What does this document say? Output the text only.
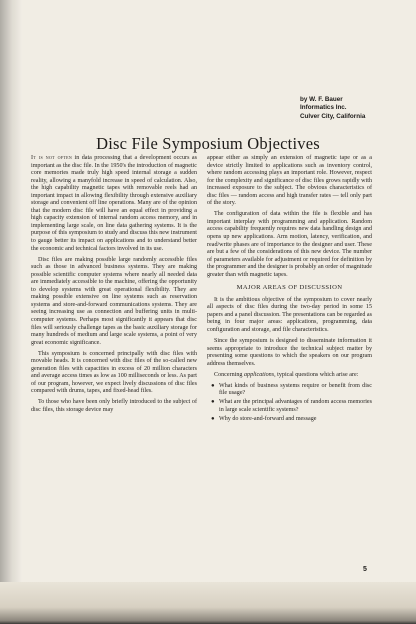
by W. F. Bauer
Informatics Inc.
Culver City, California
Disc File Symposium Objectives

It is not often in data processing that a development occurs as important as the disc file. In the 1950's the introduction of magnetic core memories made truly high speed internal storage a sudden reality, allowing a manyfold increase in speed of calculation. Also, the high capability magnetic tapes with removable reels had an important impact in allowing flexibility through extensive auxiliary storage and convenient off line operations. Many are of the opinion that the modern disc file will have an equal effect in providing a high capacity extension of internal random access memory, and in implementing large scale, on line data gathering systems. It is the purpose of this symposium to study and discuss this new instrument to gauge better its impact on applications and to understand better the economic and technical factors involved in its use.

Disc files are making possible large randomly accessible files such as those in advanced business systems. They are making possible scientific computer systems where nearly all needed data are immediately accessible to the machine, offering the opportunity to develop systems with great operational flexibility. They are making possible extensive on line systems such as reservation systems and store-and-forward communications systems. They are seeing increasing use as connection and buffering units in multi-computer systems. Perhaps most significantly it appears that disc files will seriously challenge tapes as the basic auxiliary storage for many hundreds of medium and large scale systems, a point of very great economic significance.

This symposium is concerned principally with disc files with movable heads. It is concerned with disc files of the so-called new generation files with capacities in excess of 20 million characters and average access times as low as 100 milliseconds or less. As part of our program, however, we expect lively discussions of disc files compared with drums, tapes, and fixed-head files.

To those who have been only briefly introduced to the subject of disc files, this storage device may

appear either as simply an extension of magnetic tape or as a device strictly limited to applications such as inventory control, where random accessing plays an important role. However, respect for the complexity and significance of disc files grows rapidly with increased exposure to the subject. The obvious characteristics of disc files — random access and high transfer rates — tell only part of the story.

The configuration of data within the file is flexible and has important interplay with programming and application. Random access capability frequently requires new data handling design and opens up new applications. Arm motion, latency, verification, and read/write phases are of importance to the designer and user. These are but a few of the considerations of this new device. The number of parameters available for adjustment or required for definition by the programmer and the designer is probably an order of magnitude greater than with magnetic tapes.

MAJOR AREAS OF DISCUSSION

It is the ambitious objective of the symposium to cover nearly all aspects of disc files during the two-day period in some 15 papers and a panel discussion. The presentations can be regarded as being in four major areas: applications, programming, data configuration and storage, and file characteristics.

Since the symposium is designed to disseminate information it seems appropriate to introduce the technical subject matter by presenting some questions to which the speakers on our program address themselves.

Concerning applications, typical questions which arise are:

● What kinds of business systems require or benefit from disc file usage?
● What are the principal advantages of random access memories in large scale scientific systems?
● Why do store-and-forward and message
5
